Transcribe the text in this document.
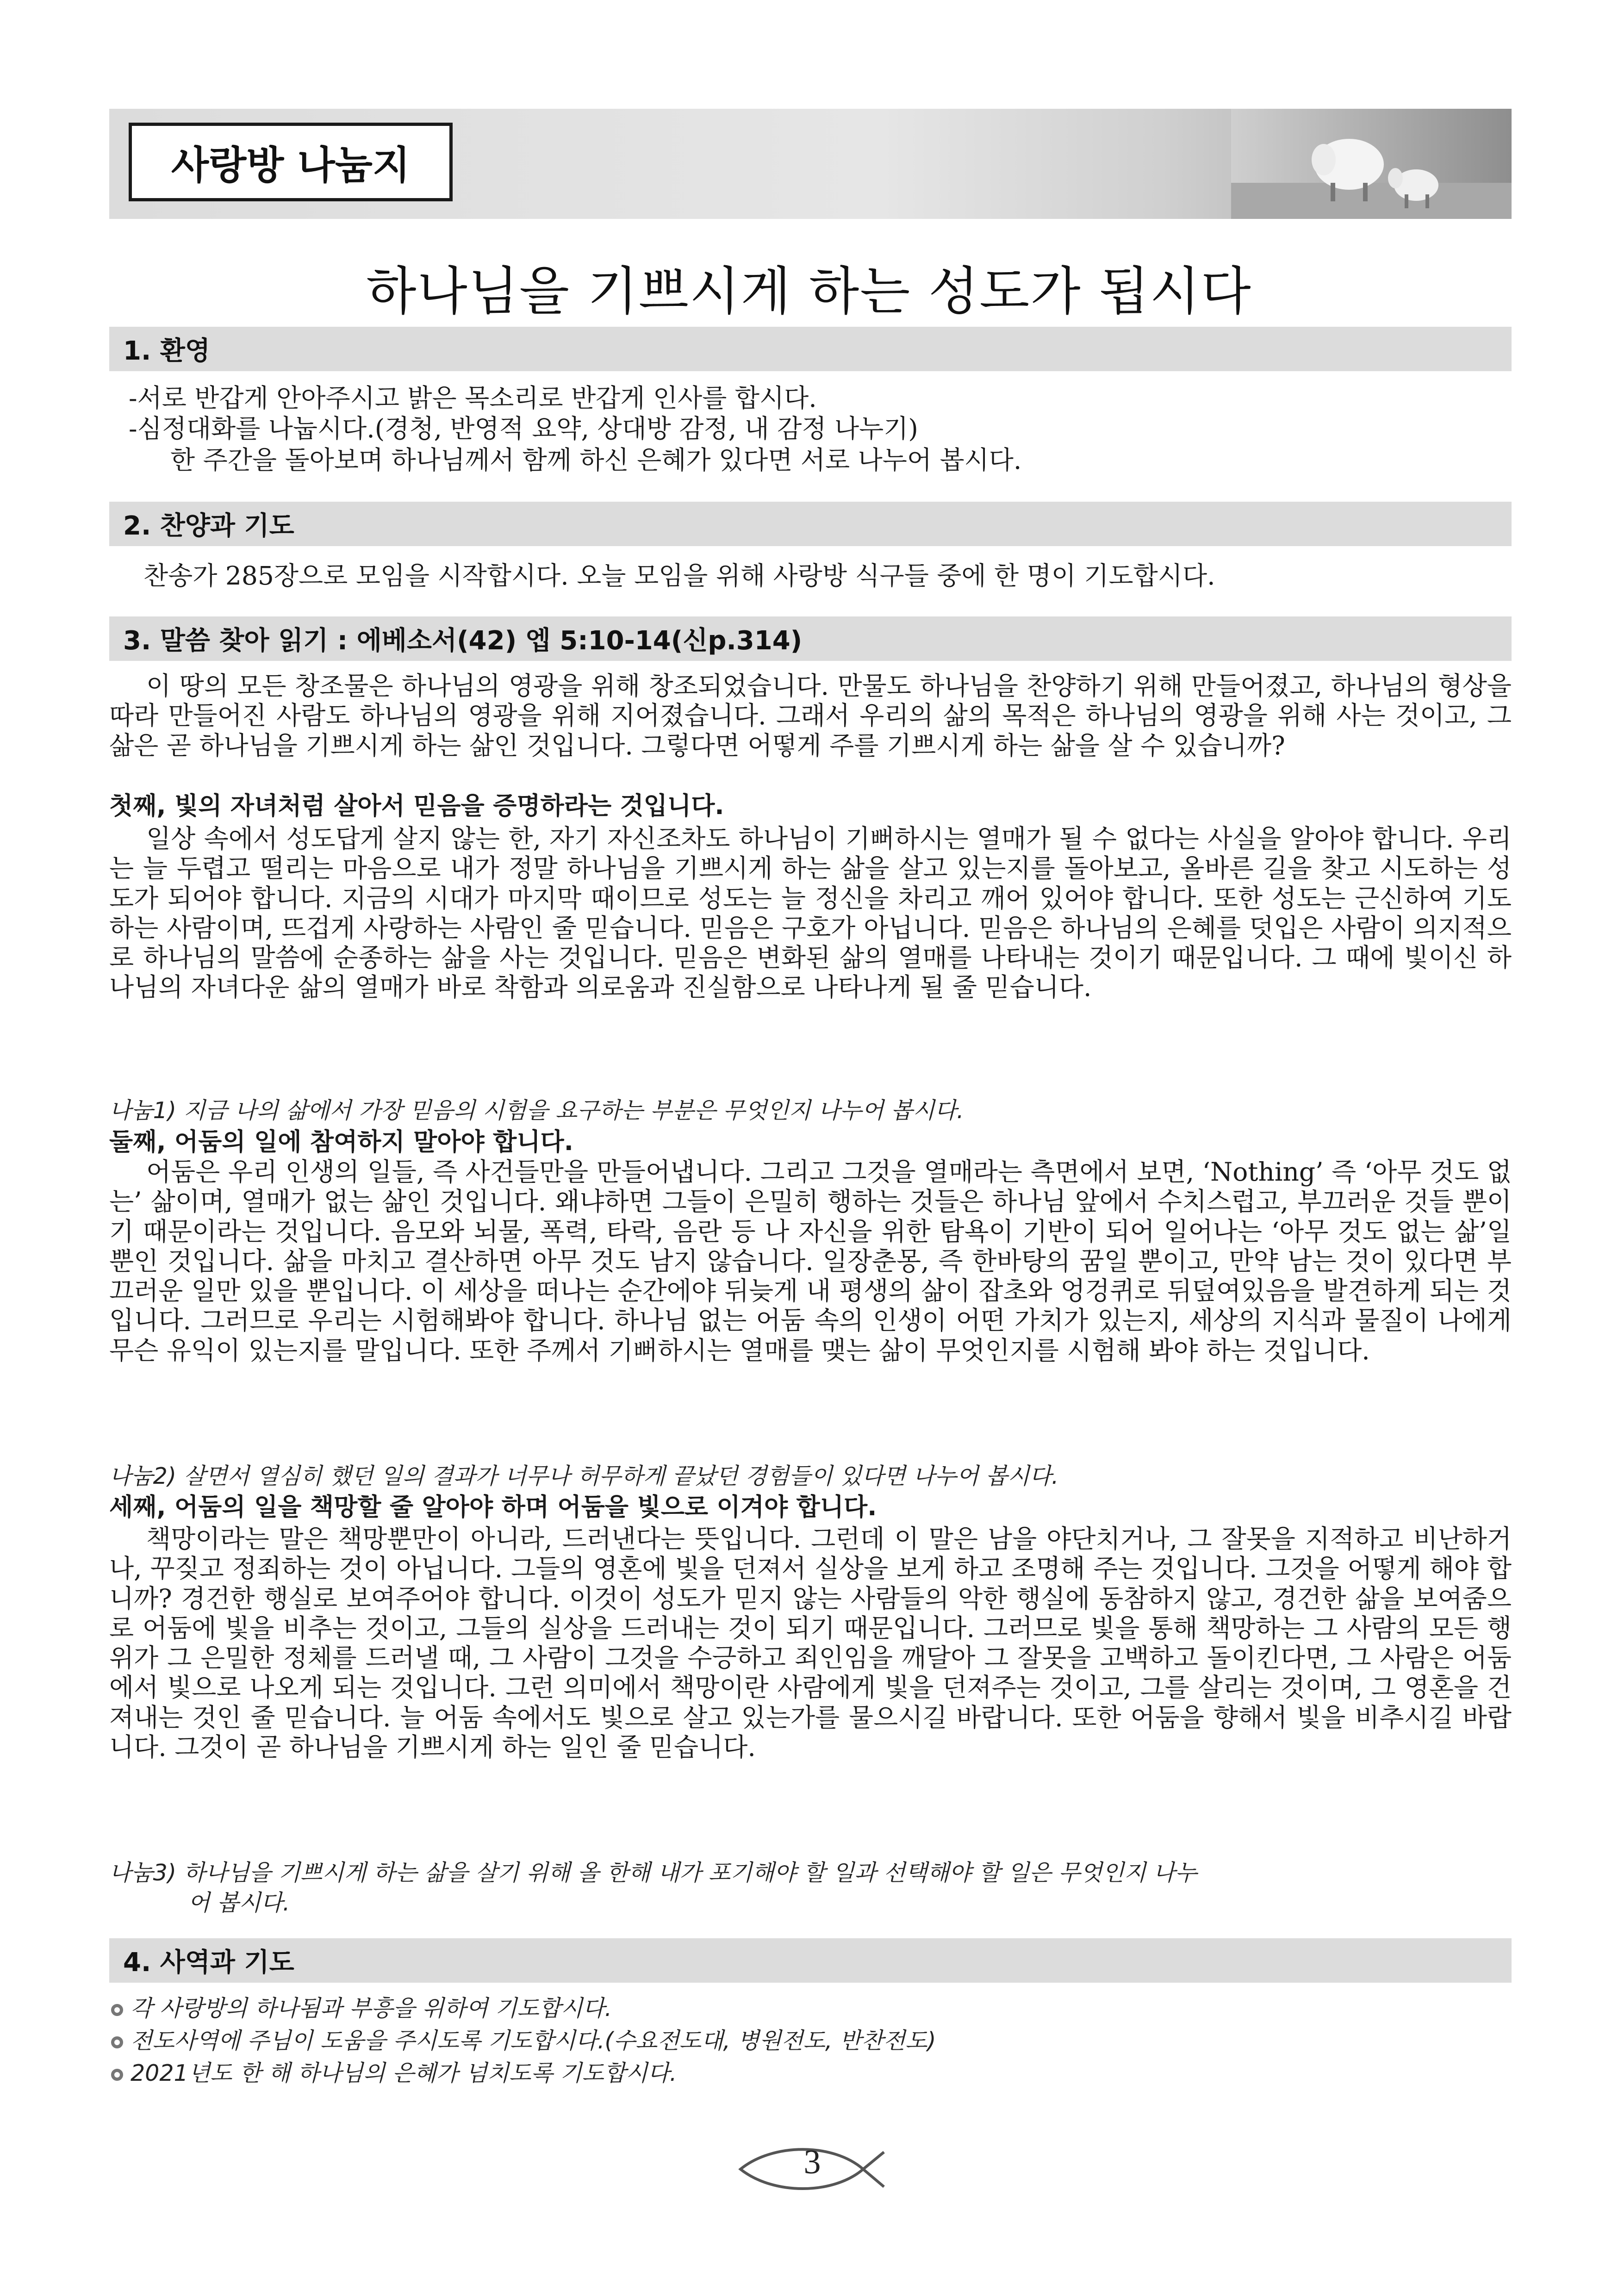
사랑방 나눔지
하나님을 기쁘시게 하는 성도가 됩시다
1. 환영
-서로 반갑게 안아주시고 밝은 목소리로 반갑게 인사를 합시다.
-심정대화를 나눕시다.(경청, 반영적 요약, 상대방 감정, 내 감정 나누기)
한 주간을 돌아보며 하나님께서 함께 하신 은혜가 있다면 서로 나누어 봅시다.
2. 찬양과 기도
찬송가 285장으로 모임을 시작합시다. 오늘 모임을 위해 사랑방 식구들 중에 한 명이 기도합시다.
3. 말씀 찾아 읽기 : 에베소서(42) 엡 5:10-14(신p.314)
이 땅의 모든 창조물은 하나님의 영광을 위해 창조되었습니다. 만물도 하나님을 찬양하기 위해 만들어졌고, 하나님의 형상을 따라 만들어진 사람도 하나님의 영광을 위해 지어졌습니다. 그래서 우리의 삶의 목적은 하나님의 영광을 위해 사는 것이고, 그 삶은 곧 하나님을 기쁘시게 하는 삶인 것입니다. 그렇다면 어떻게 주를 기쁘시게 하는 삶을 살 수 있습니까?
첫째, 빛의 자녀처럼 살아서 믿음을 증명하라는 것입니다.
일상 속에서 성도답게 살지 않는 한, 자기 자신조차도 하나님이 기뻐하시는 열매가 될 수 없다는 사실을 알아야 합니다. 우리는 늘 두렵고 떨리는 마음으로 내가 정말 하나님을 기쁘시게 하는 삶을 살고 있는지를 돌아보고, 올바른 길을 찾고 시도하는 성도가 되어야 합니다. 지금의 시대가 마지막 때이므로 성도는 늘 정신을 차리고 깨어 있어야 합니다. 또한 성도는 근신하여 기도하는 사람이며, 뜨겁게 사랑하는 사람인 줄 믿습니다. 믿음은 구호가 아닙니다. 믿음은 하나님의 은혜를 덧입은 사람이 의지적으로 하나님의 말씀에 순종하는 삶을 사는 것입니다. 믿음은 변화된 삶의 열매를 나타내는 것이기 때문입니다. 그 때에 빛이신 하나님의 자녀다운 삶의 열매가 바로 착함과 의로움과 진실함으로 나타나게 될 줄 믿습니다.
나눔1) 지금 나의 삶에서 가장 믿음의 시험을 요구하는 부분은 무엇인지 나누어 봅시다.
둘째, 어둠의 일에 참여하지 말아야 합니다.
어둠은 우리 인생의 일들, 즉 사건들만을 만들어냅니다. 그리고 그것을 열매라는 측면에서 보면, ‘Nothing’ 즉 ‘아무 것도 없는’ 삶이며, 열매가 없는 삶인 것입니다. 왜냐하면 그들이 은밀히 행하는 것들은 하나님 앞에서 수치스럽고, 부끄러운 것들 뿐이기 때문이라는 것입니다. 음모와 뇌물, 폭력, 타락, 음란 등 나 자신을 위한 탐욕이 기반이 되어 일어나는 ‘아무 것도 없는 삶’일 뿐인 것입니다. 삶을 마치고 결산하면 아무 것도 남지 않습니다. 일장춘몽, 즉 한바탕의 꿈일 뿐이고, 만약 남는 것이 있다면 부끄러운 일만 있을 뿐입니다. 이 세상을 떠나는 순간에야 뒤늦게 내 평생의 삶이 잡초와 엉겅퀴로 뒤덮여있음을 발견하게 되는 것입니다. 그러므로 우리는 시험해봐야 합니다. 하나님 없는 어둠 속의 인생이 어떤 가치가 있는지, 세상의 지식과 물질이 나에게 무슨 유익이 있는지를 말입니다. 또한 주께서 기뻐하시는 열매를 맺는 삶이 무엇인지를 시험해 봐야 하는 것입니다.
나눔2) 살면서 열심히 했던 일의 결과가 너무나 허무하게 끝났던 경험들이 있다면 나누어 봅시다.
세째, 어둠의 일을 책망할 줄 알아야 하며 어둠을 빛으로 이겨야 합니다.
책망이라는 말은 책망뿐만이 아니라, 드러낸다는 뜻입니다. 그런데 이 말은 남을 야단치거나, 그 잘못을 지적하고 비난하거나, 꾸짖고 정죄하는 것이 아닙니다. 그들의 영혼에 빛을 던져서 실상을 보게 하고 조명해 주는 것입니다. 그것을 어떻게 해야 합니까? 경건한 행실로 보여주어야 합니다. 이것이 성도가 믿지 않는 사람들의 악한 행실에 동참하지 않고, 경건한 삶을 보여줌으로 어둠에 빛을 비추는 것이고, 그들의 실상을 드러내는 것이 되기 때문입니다. 그러므로 빛을 통해 책망하는 그 사람의 모든 행위가 그 은밀한 정체를 드러낼 때, 그 사람이 그것을 수긍하고 죄인임을 깨달아 그 잘못을 고백하고 돌이킨다면, 그 사람은 어둠에서 빛으로 나오게 되는 것입니다. 그런 의미에서 책망이란 사람에게 빛을 던져주는 것이고, 그를 살리는 것이며, 그 영혼을 건져내는 것인 줄 믿습니다. 늘 어둠 속에서도 빛으로 살고 있는가를 물으시길 바랍니다. 또한 어둠을 향해서 빛을 비추시길 바랍니다. 그것이 곧 하나님을 기쁘시게 하는 일인 줄 믿습니다.
나눔3) 하나님을 기쁘시게 하는 삶을 살기 위해 올 한해 내가 포기해야 할 일과 선택해야 할 일은 무엇인지 나누
어 봅시다.
4. 사역과 기도
각 사랑방의 하나됨과 부흥을 위하여 기도합시다.
전도사역에 주님이 도움을 주시도록 기도합시다.(수요전도대, 병원전도, 반찬전도)
2021년도 한 해 하나님의 은혜가 넘치도록 기도합시다.
3
